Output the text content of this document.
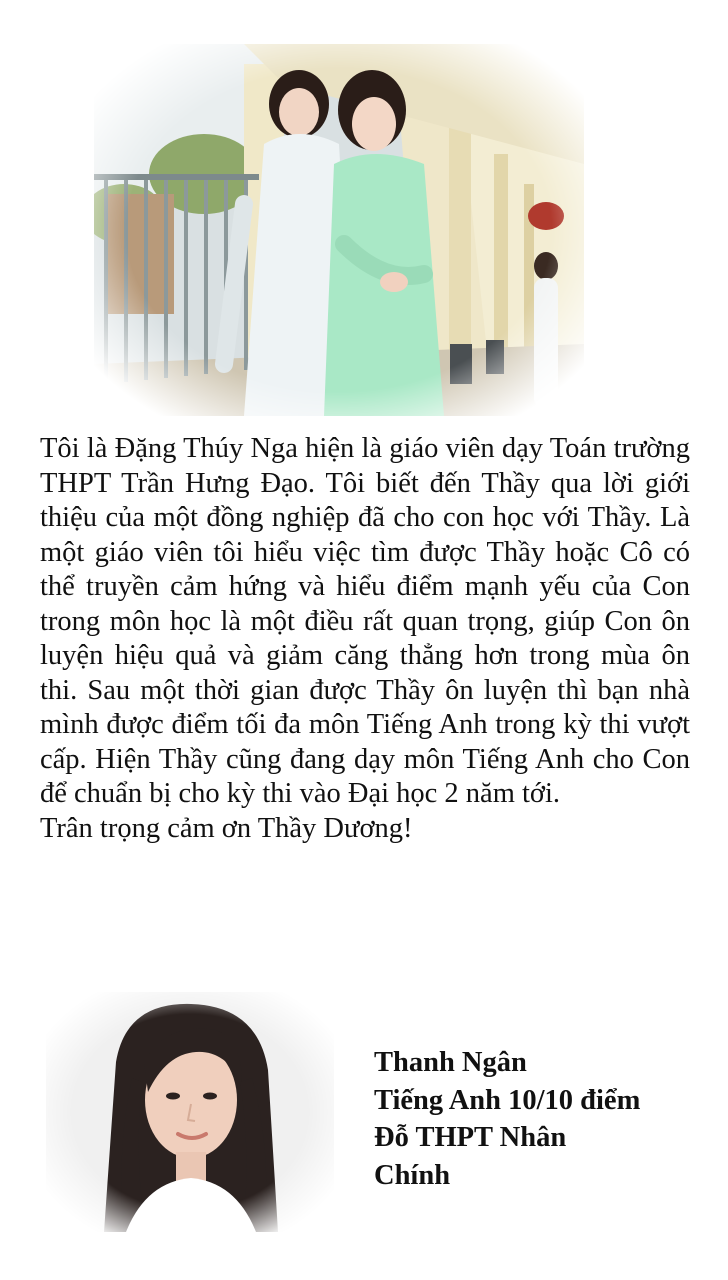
Tôi là Đặng Thúy Nga hiện là giáo viên dạy Toán trường THPT Trần Hưng Đạo. Tôi biết đến Thầy qua lời giới thiệu của một đồng nghiệp đã cho con học với Thầy. Là một giáo viên tôi hiểu việc tìm được Thầy hoặc Cô có thể truyền cảm hứng và hiểu điểm mạnh yếu của Con trong môn học là một điều rất quan trọng, giúp Con ôn luyện hiệu quả và giảm căng thẳng hơn trong mùa ôn thi. Sau một thời gian được Thầy ôn luyện thì bạn nhà mình được điểm tối đa môn Tiếng Anh trong kỳ thi vượt cấp. Hiện Thầy cũng đang dạy môn Tiếng Anh cho Con để chuẩn bị cho kỳ thi vào Đại học 2 năm tới.
Trân trọng cảm ơn Thầy Dương!

Thanh Ngân
Tiếng Anh 10/10 điểm
Đỗ THPT Nhân
Chính
